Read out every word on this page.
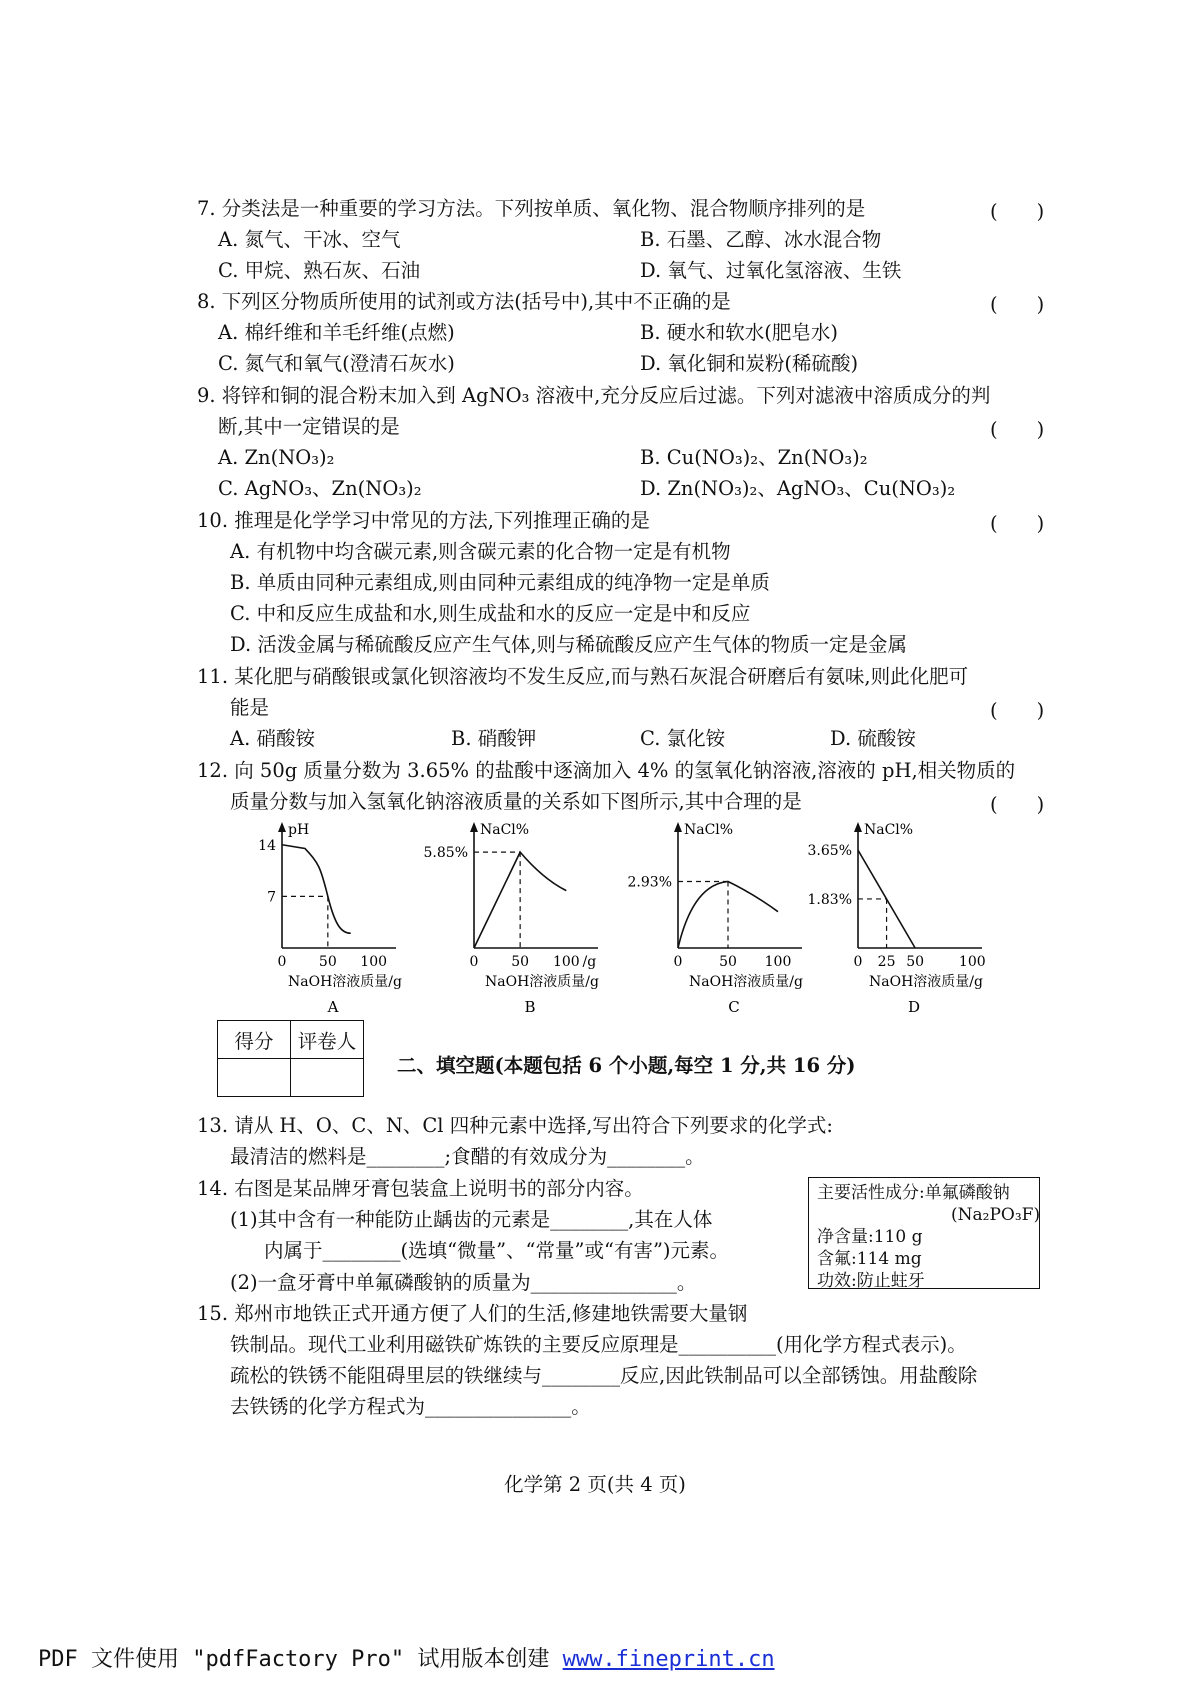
7. 分类法是一种重要的学习方法。下列按单质、氧化物、混合物顺序排列的是	(　　)
A. 氮气、干冰、空气	B. 石墨、乙醇、冰水混合物
C. 甲烷、熟石灰、石油	D. 氧气、过氧化氢溶液、生铁
8. 下列区分物质所使用的试剂或方法(括号中),其中不正确的是	(　　)
A. 棉纤维和羊毛纤维(点燃)	B. 硬水和软水(肥皂水)
C. 氮气和氧气(澄清石灰水)	D. 氧化铜和炭粉(稀硫酸)
9. 将锌和铜的混合粉末加入到 AgNO₃ 溶液中,充分反应后过滤。下列对滤液中溶质成分的判
断,其中一定错误的是	(　　)
A. Zn(NO₃)₂	B. Cu(NO₃)₂、Zn(NO₃)₂
C. AgNO₃、Zn(NO₃)₂	D. Zn(NO₃)₂、AgNO₃、Cu(NO₃)₂
10. 推理是化学学习中常见的方法,下列推理正确的是	(　　)
A. 有机物中均含碳元素,则含碳元素的化合物一定是有机物
B. 单质由同种元素组成,则由同种元素组成的纯净物一定是单质
C. 中和反应生成盐和水,则生成盐和水的反应一定是中和反应
D. 活泼金属与稀硫酸反应产生气体,则与稀硫酸反应产生气体的物质一定是金属
11. 某化肥与硝酸银或氯化钡溶液均不发生反应,而与熟石灰混合研磨后有氨味,则此化肥可
能是	(　　)
A. 硝酸铵	B. 硝酸钾	C. 氯化铵	D. 硫酸铵
12. 向 50g 质量分数为 3.65% 的盐酸中逐滴加入 4% 的氢氧化钠溶液,溶液的 pH,相关物质的
质量分数与加入氢氧化钠溶液质量的关系如下图所示,其中合理的是	(　　)
pH
0 50 100
14
7
NaOH溶液质量/g
A
NaCl%
0 50 100 /g
5.85%
NaOH溶液质量/g
B
NaCl%
0	50 100
2.93%
NaOH溶液质量/g
C
NaCl%
0 25 50 100
3.65%
1.83%
NaOH溶液质量/g
D
得分	评卷人

二、填空题(本题包括 6 个小题,每空 1 分,共 16 分)
13. 请从 H、O、C、N、Cl 四种元素中选择,写出符合下列要求的化学式:
最清洁的燃料是________;食醋的有效成分为________。
14. 右图是某品牌牙膏包装盒上说明书的部分内容。
(1)其中含有一种能防止龋齿的元素是________,其在人体
内属于________(选填“微量”、“常量”或“有害”)元素。
(2)一盒牙膏中单氟磷酸钠的质量为_______________。
主要活性成分:单氟磷酸钠
(Na₂PO₃F)
净含量:110 g
含氟:114 mg
功效:防止蛀牙
15. 郑州市地铁正式开通方便了人们的生活,修建地铁需要大量钢
铁制品。现代工业利用磁铁矿炼铁的主要反应原理是__________(用化学方程式表示)。
疏松的铁锈不能阻碍里层的铁继续与________反应,因此铁制品可以全部锈蚀。用盐酸除
去铁锈的化学方程式为_______________。
化学第 2 页(共 4 页)
PDF 文件使用 "pdfFactory Pro" 试用版本创建 www.fineprint.cn
